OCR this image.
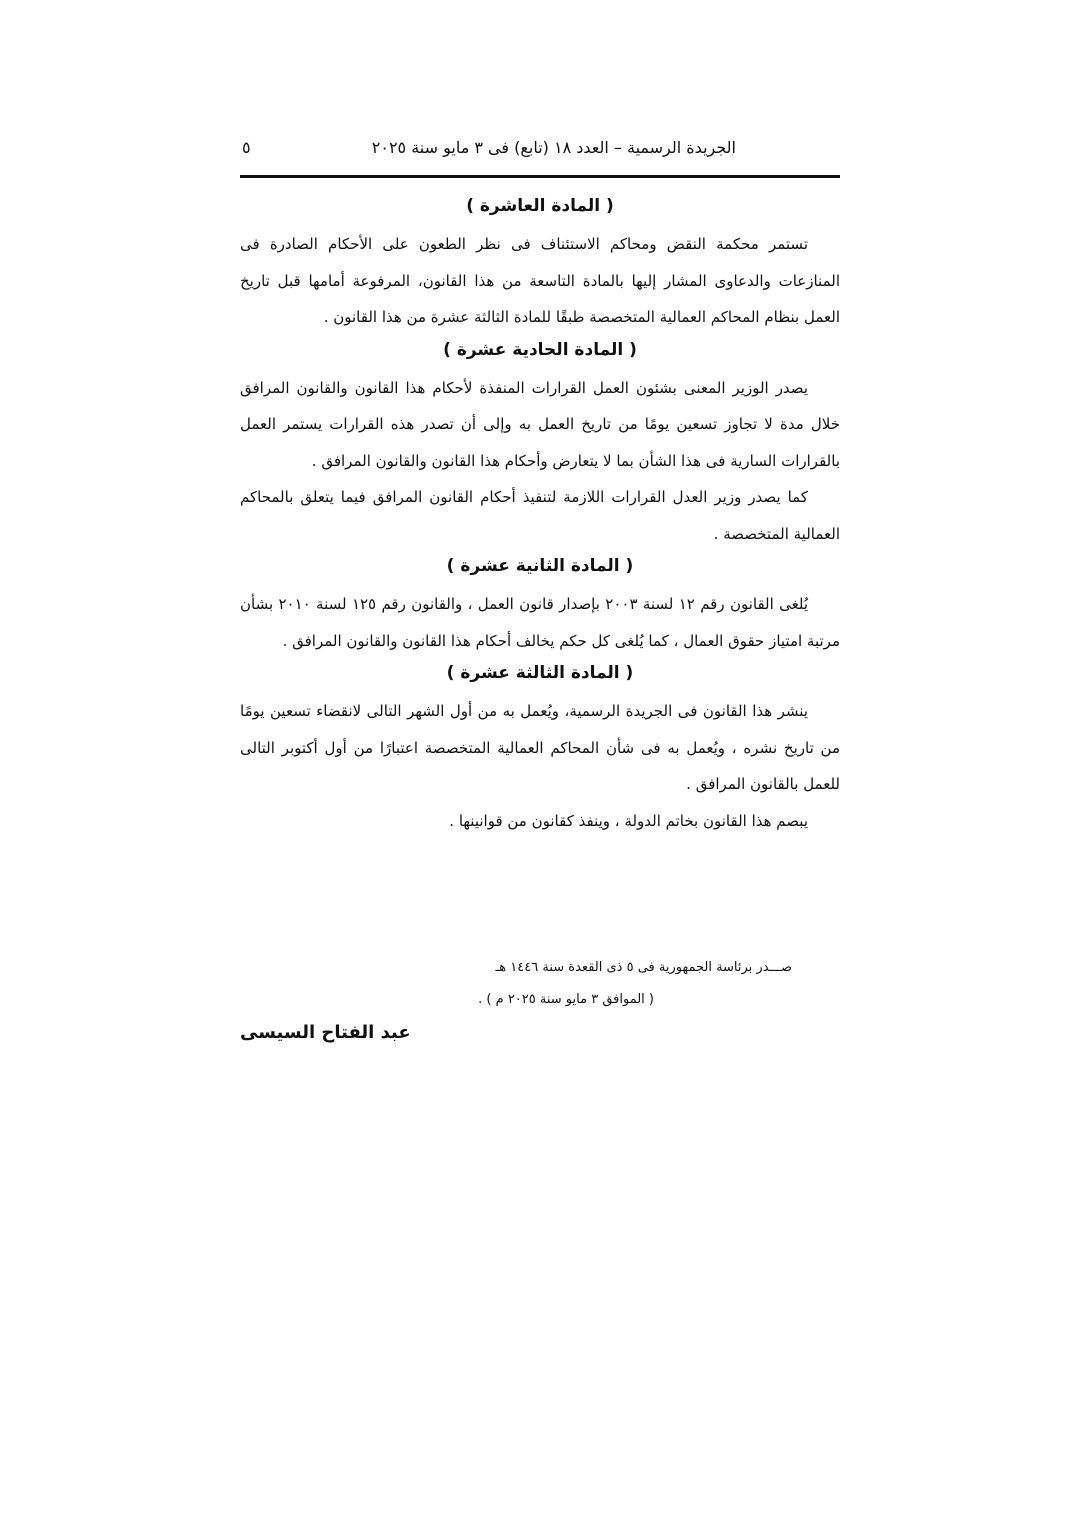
الجريدة الرسمية – العدد ١٨ (تابع) فى ٣ مايو سنة ٢٠٢٥
٥

( المادة العاشرة )

تستمر محكمة النقض ومحاكم الاستئناف فى نظر الطعون على الأحكام الصادرة فى المنازعات والدعاوى المشار إليها بالمادة التاسعة من هذا القانون، المرفوعة أمامها قبل تاريخ العمل بنظام المحاكم العمالية المتخصصة طبقًا للمادة الثالثة عشرة من هذا القانون .

( المادة الحادية عشرة )

يصدر الوزير المعنى بشئون العمل القرارات المنفذة لأحكام هذا القانون والقانون المرافق خلال مدة لا تجاوز تسعين يومًا من تاريخ العمل به وإلى أن تصدر هذه القرارات يستمر العمل بالقرارات السارية فى هذا الشأن بما لا يتعارض وأحكام هذا القانون والقانون المرافق .

كما يصدر وزير العدل القرارات اللازمة لتنفيذ أحكام القانون المرافق فيما يتعلق بالمحاكم العمالية المتخصصة .

( المادة الثانية عشرة )

يُلغى القانون رقم ١٢ لسنة ٢٠٠٣ بإصدار قانون العمل ، والقانون رقم ١٢٥ لسنة ٢٠١٠ بشأن مرتبة امتياز حقوق العمال ، كما يُلغى كل حكم يخالف أحكام هذا القانون والقانون المرافق .

( المادة الثالثة عشرة )

ينشر هذا القانون فى الجريدة الرسمية، ويُعمل به من أول الشهر التالى لانقضاء تسعين يومًا من تاريخ نشره ، ويُعمل به فى شأن المحاكم العمالية المتخصصة اعتبارًا من أول أكتوبر التالى للعمل بالقانون المرافق .

يبصم هذا القانون بخاتم الدولة ، وينفذ كقانون من قوانينها .

صـــدر برئاسة الجمهورية فى ٥ ذى القعدة سنة ١٤٤٦ هـ

( الموافق ٣ مايو سنة ٢٠٢٥ م ) .

عبد الفتاح السيسى
